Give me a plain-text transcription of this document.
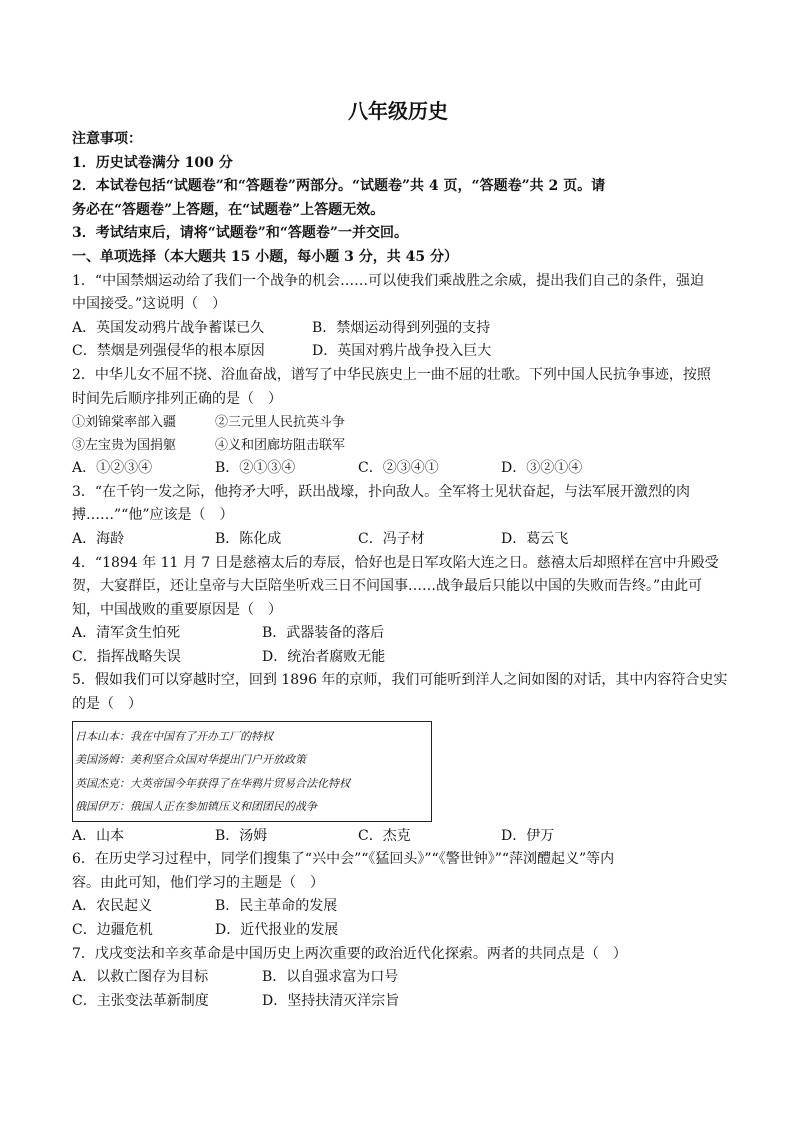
八年级历史
注意事项：
1．历史试卷满分 100 分
2．本试卷包括“试题卷”和“答题卷”两部分。“试题卷”共 4 页，“答题卷”共 2 页。请
务必在“答题卷”上答题，在“试题卷”上答题无效。
3．考试结束后，请将“试题卷”和“答题卷”一并交回。
一、单项选择（本大题共 15 小题，每小题 3 分，共 45 分）
1．“中国禁烟运动给了我们一个战争的机会……可以使我们乘战胜之余威，提出我们自己的条件，强迫
中国接受。”这说明（　）
A．英国发动鸦片战争蓄谋已久	B．禁烟运动得到列强的支持
C．禁烟是列强侵华的根本原因	D．英国对鸦片战争投入巨大
2．中华儿女不屈不挠、浴血奋战，谱写了中华民族史上一曲不屈的壮歌。下列中国人民抗争事迹，按照
时间先后顺序排列正确的是（　）
①刘锦棠率部入疆	②三元里人民抗英斗争
③左宝贵为国捐躯	④义和团廊坊阻击联军
A．①②③④	B．②①③④	C．②③④①	D．③②①④
3．“在千钧一发之际，他挎矛大呼，跃出战壕，扑向敌人。全军将士见状奋起，与法军展开激烈的肉
搏……”“他”应该是（　）
A．海龄	B．陈化成	C．冯子材	D．葛云飞
4．“1894 年 11 月 7 日是慈禧太后的寿辰，恰好也是日军攻陷大连之日。慈禧太后却照样在宫中升殿受
贺，大宴群臣，还让皇帝与大臣陪坐听戏三日不问国事……战争最后只能以中国的失败而告终。”由此可
知，中国战败的重要原因是（　）
A．清军贪生怕死	B．武器装备的落后
C．指挥战略失误	D．统治者腐败无能
5．假如我们可以穿越时空，回到 1896 年的京师，我们可能听到洋人之间如图的对话，其中内容符合史实
的是（　）
日本山本：我在中国有了开办工厂的特权
美国汤姆：美利坚合众国对华提出门户开放政策
英国杰克：大英帝国今年获得了在华鸦片贸易合法化特权
俄国伊万：俄国人正在参加镇压义和团团民的战争
A．山本	B．汤姆	C．杰克	D．伊万
6．在历史学习过程中，同学们搜集了“兴中会”“《猛回头》”“《警世钟》”“萍浏醴起义”等内
容。由此可知，他们学习的主题是（　）
A．农民起义	B．民主革命的发展
C．边疆危机	D．近代报业的发展
7．戊戌变法和辛亥革命是中国历史上两次重要的政治近代化探索。两者的共同点是（　）
A．以救亡图存为目标	B．以自强求富为口号
C．主张变法革新制度	D．坚持扶清灭洋宗旨
